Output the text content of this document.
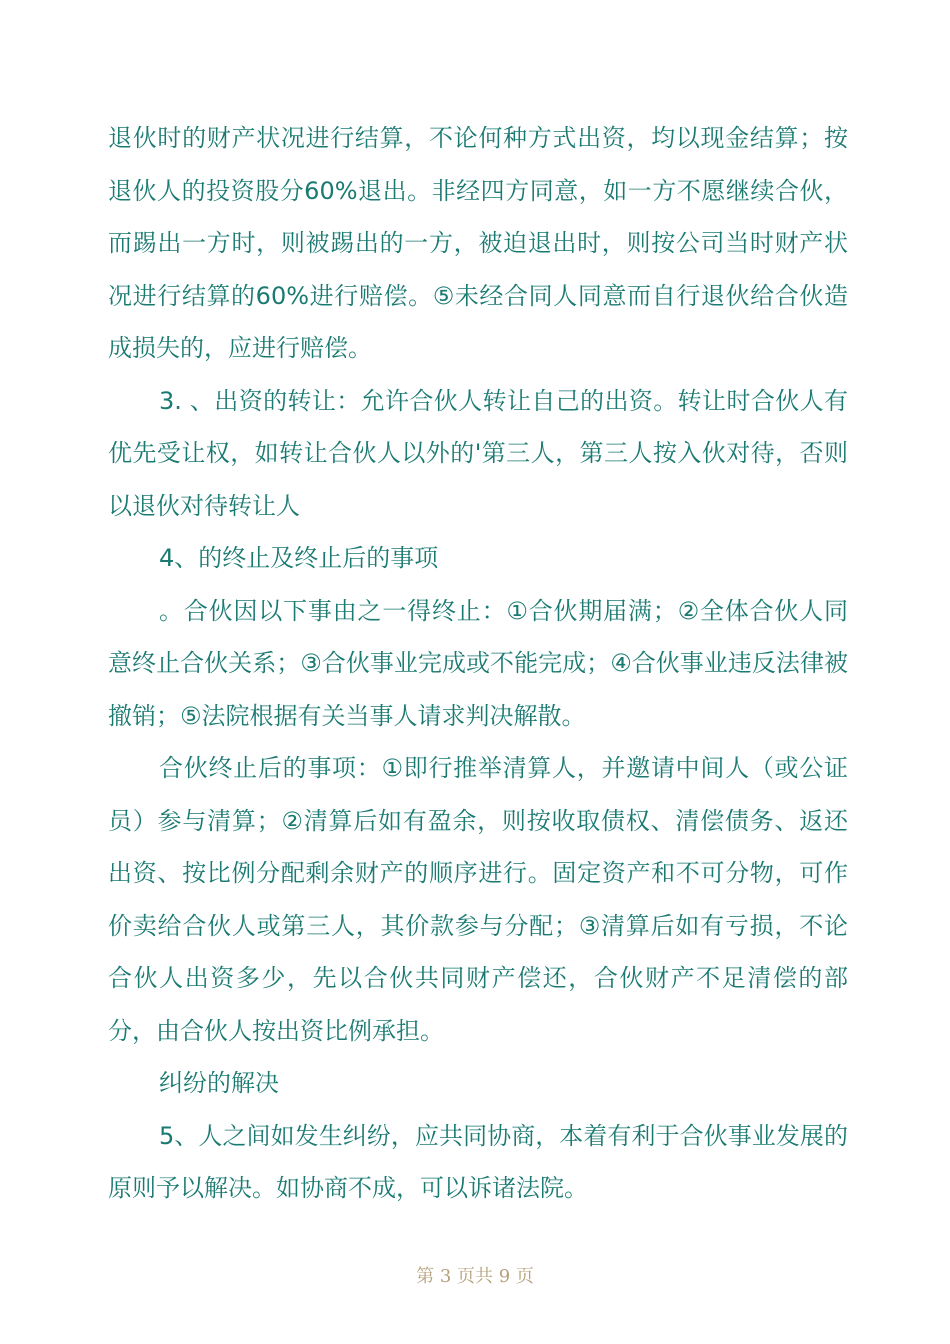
退伙时的财产状况进行结算，不论何种方式出资，均以现金结算；按退伙人的投资股分60%退出。非经四方同意，如一方不愿继续合伙，而踢出一方时，则被踢出的一方，被迫退出时，则按公司当时财产状况进行结算的60%进行赔偿。⑤未经合同人同意而自行退伙给合伙造成损失的，应进行赔偿。

3. 、出资的转让：允许合伙人转让自己的出资。转让时合伙人有优先受让权，如转让合伙人以外的'第三人，第三人按入伙对待，否则以退伙对待转让人

4、的终止及终止后的事项

。合伙因以下事由之一得终止：①合伙期届满；②全体合伙人同意终止合伙关系；③合伙事业完成或不能完成；④合伙事业违反法律被撤销；⑤法院根据有关当事人请求判决解散。

合伙终止后的事项：①即行推举清算人，并邀请中间人（或公证员）参与清算；②清算后如有盈余，则按收取债权、清偿债务、返还出资、按比例分配剩余财产的顺序进行。固定资产和不可分物，可作价卖给合伙人或第三人，其价款参与分配；③清算后如有亏损，不论合伙人出资多少，先以合伙共同财产偿还，合伙财产不足清偿的部分，由合伙人按出资比例承担。

纠纷的解决

5、人之间如发生纠纷，应共同协商，本着有利于合伙事业发展的原则予以解决。如协商不成，可以诉诸法院。

第 3 页共 9 页
